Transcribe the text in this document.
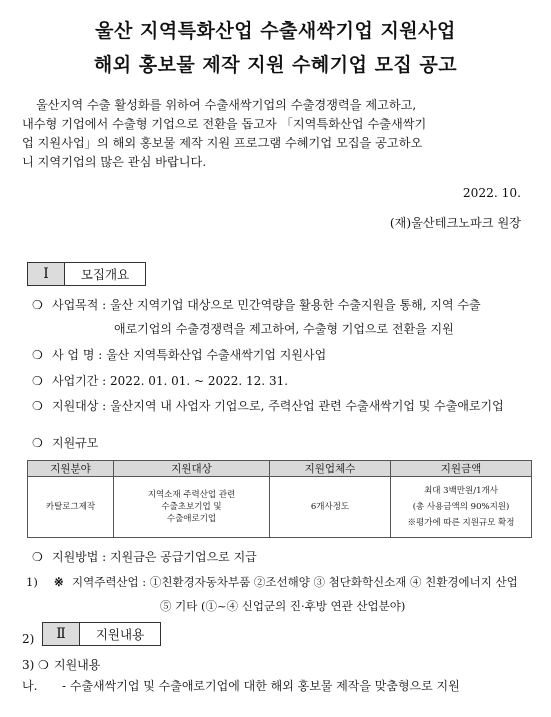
울산 지역특화산업 수출새싹기업 지원사업
해외 홍보물 제작 지원 수혜기업 모집 공고
울산지역 수출 활성화를 위하여 수출새싹기업의 수출경쟁력을 제고하고,
내수형 기업에서 수출형 기업으로 전환을 돕고자 「지역특화산업 수출새싹기
업 지원사업」의 해외 홍보물 제작 지원 프로그램 수혜기업 모집을 공고하오
니 지역기업의 많은 관심 바랍니다.
2022. 10.
(재)울산테크노파크 원장
Ⅰ	모집개요
❍ 사업목적 : 울산 지역기업 대상으로 민간역량을 활용한 수출지원을 통해, 지역 수출
애로기업의 수출경쟁력을 제고하여, 수출형 기업으로 전환을 지원
❍ 사 업 명 : 울산 지역특화산업 수출새싹기업 지원사업
❍ 사업기간 : 2022. 01. 01. ~ 2022. 12. 31.
❍ 지원대상 : 울산지역 내 사업자 기업으로, 주력산업 관련 수출새싹기업 및 수출애로기업
❍ 지원규모
지원분야	지원대상	지원업체수	지원금액
카탈로그제작	지역소재 주력산업 관련
수출초보기업 및
수출애로기업	6개사정도	최대 3백만원/1개사
(총 사용금액의 90%지원)
※평가에 따른 지원규모 확정
❍ 지원방법 : 지원금은 공급기업으로 지급
1) ※ 지역주력산업 : ①친환경자동차부품 ②조선해양 ③ 첨단화학신소재 ④ 친환경에너지 산업
⑤ 기타 (①~④ 신업군의 진·후방 연관 산업분야)
2)	Ⅱ	지원내용
3) ❍ 지원내용
나. - 수출새싹기업 및 수출애로기업에 대한 해외 홍보물 제작을 맞춤형으로 지원
